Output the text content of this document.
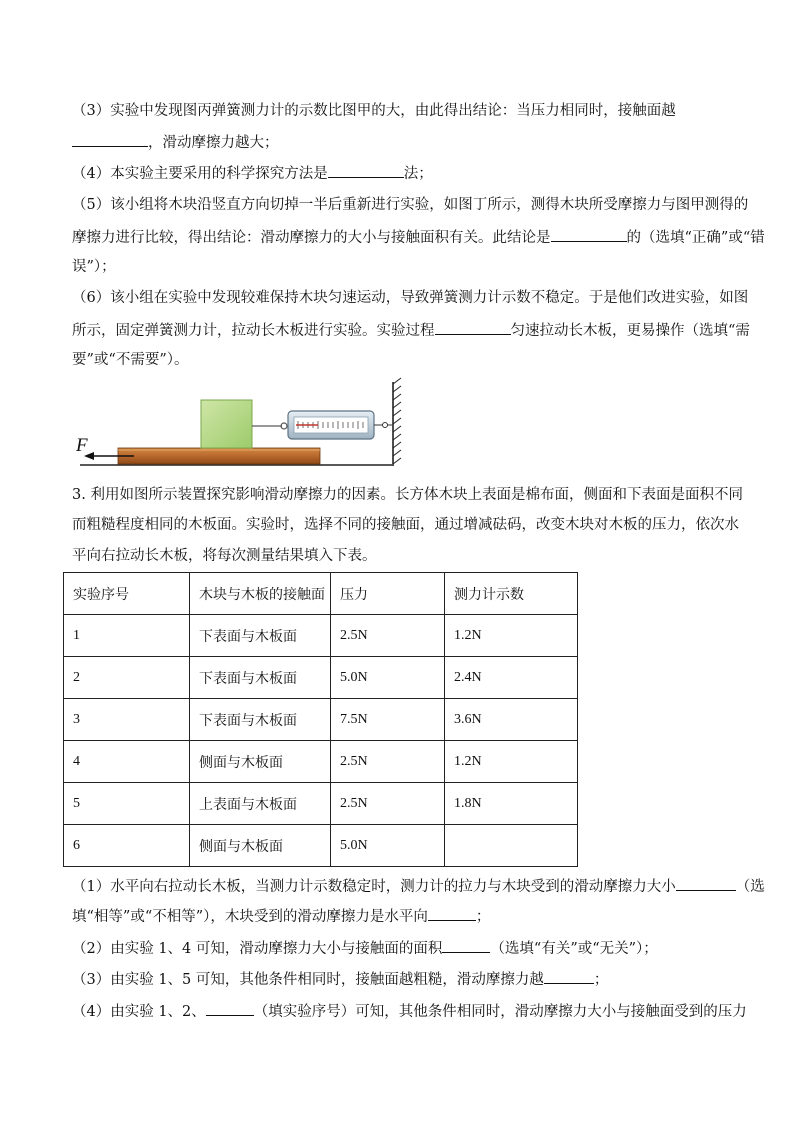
（3）实验中发现图丙弹簧测力计的示数比图甲的大，由此得出结论：当压力相同时，接触面越
，滑动摩擦力越大；
（4）本实验主要采用的科学探究方法是	法；
（5）该小组将木块沿竖直方向切掉一半后重新进行实验，如图丁所示，测得木块所受摩擦力与图甲测得的
摩擦力进行比较，得出结论：滑动摩擦力的大小与接触面积有关。此结论是	的（选填“正确”或“错
误”）；
（6）该小组在实验中发现较难保持木块匀速运动，导致弹簧测力计示数不稳定。于是他们改进实验，如图
所示，固定弹簧测力计，拉动长木板进行实验。实验过程	匀速拉动长木板，更易操作（选填“需
要”或“不需要”）。
F
3. 利用如图所示装置探究影响滑动摩擦力的因素。长方体木块上表面是棉布面，侧面和下表面是面积不同
而粗糙程度相同的木板面。实验时，选择不同的接触面，通过增减砝码，改变木块对木板的压力，依次水
平向右拉动长木板，将每次测量结果填入下表。
实验序号	木块与木板的接触面	压力	测力计示数
1	下表面与木板面	2.5N	1.2N
2	下表面与木板面	5.0N	2.4N
3	下表面与木板面	7.5N	3.6N
4	侧面与木板面	2.5N	1.2N
5	上表面与木板面	2.5N	1.8N
6	侧面与木板面	5.0N	
（1）水平向右拉动长木板，当测力计示数稳定时，测力计的拉力与木块受到的滑动摩擦力大小	（选
填“相等”或“不相等”），木块受到的滑动摩擦力是水平向	；
（2）由实验 1、4 可知，滑动摩擦力大小与接触面的面积	（选填“有关”或“无关”）；
（3）由实验 1、5 可知，其他条件相同时，接触面越粗糙，滑动摩擦力越	；
（4）由实验 1、2、	（填实验序号）可知，其他条件相同时，滑动摩擦力大小与接触面受到的压力
